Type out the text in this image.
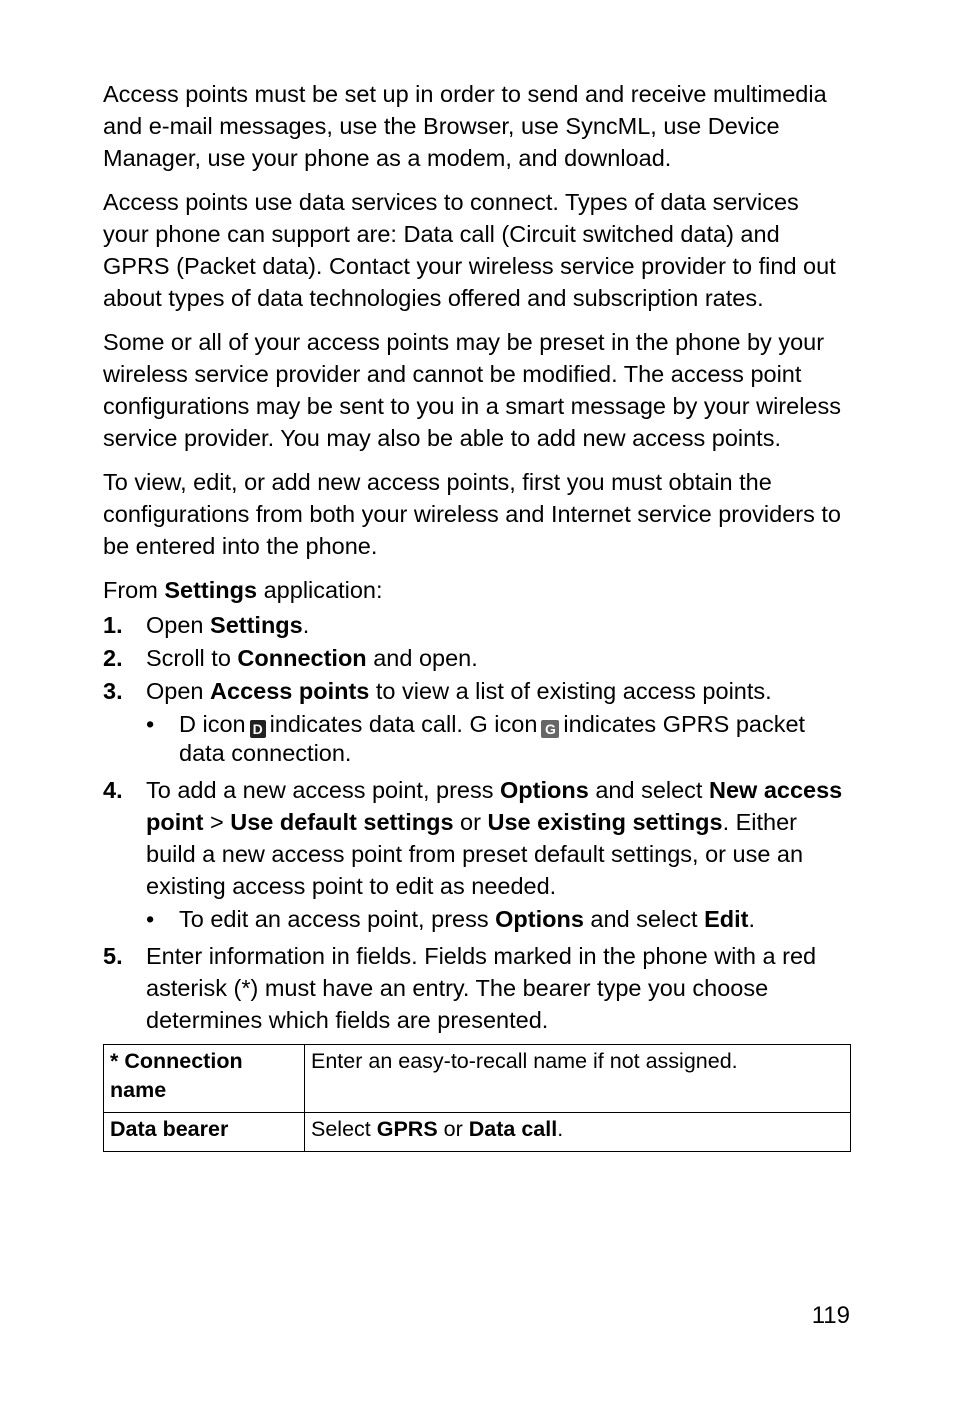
Access points must be set up in order to send and receive multimedia and e-mail messages, use the Browser, use SyncML, use Device Manager, use your phone as a modem, and download.

Access points use data services to connect. Types of data services your phone can support are: Data call (Circuit switched data) and GPRS (Packet data). Contact your wireless service provider to find out about types of data technologies offered and subscription rates.

Some or all of your access points may be preset in the phone by your wireless service provider and cannot be modified. The access point configurations may be sent to you in a smart message by your wireless service provider. You may also be able to add new access points.

To view, edit, or add new access points, first you must obtain the configurations from both your wireless and Internet service providers to be entered into the phone.

From Settings application:
1. Open Settings.
2. Scroll to Connection and open.
3. Open Access points to view a list of existing access points.
• D icon D indicates data call. G icon G indicates GPRS packet data connection.
4. To add a new access point, press Options and select New access point > Use default settings or Use existing settings. Either build a new access point from preset default settings, or use an existing access point to edit as needed.
• To edit an access point, press Options and select Edit.
5. Enter information in fields. Fields marked in the phone with a red asterisk (*) must have an entry. The bearer type you choose determines which fields are presented.
* Connection name	Enter an easy-to-recall name if not assigned.
Data bearer	Select GPRS or Data call.
119
